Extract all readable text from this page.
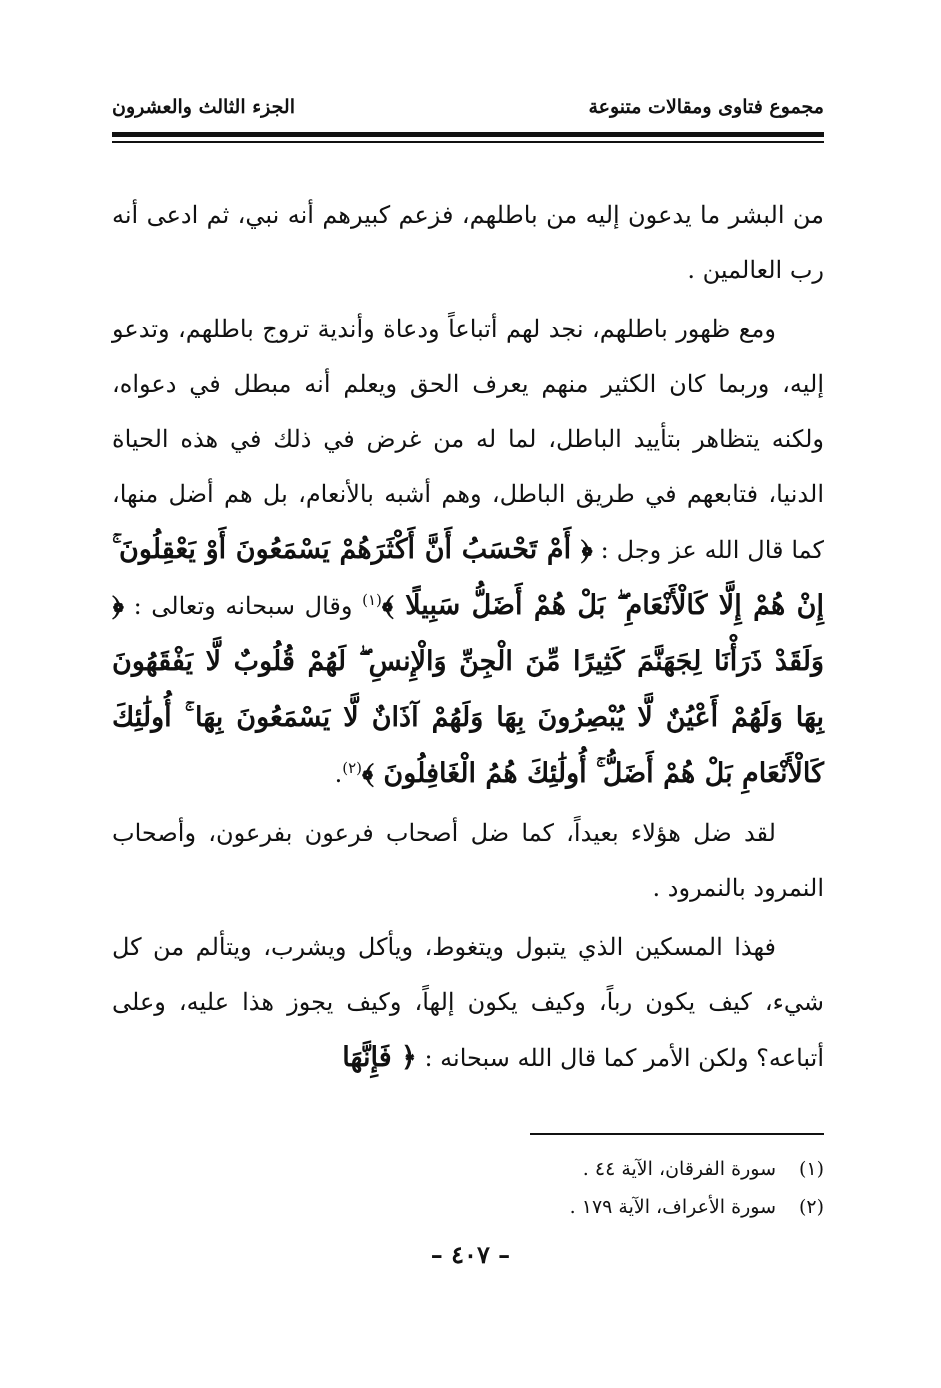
مجموع فتاوى ومقالات متنوعة
الجزء الثالث والعشرون

من البشر ما يدعون إليه من باطلهم، فزعم كبيرهم أنه نبي، ثم ادعى أنه رب العالمين .

ومع ظهور باطلهم، نجد لهم أتباعاً ودعاة وأندية تروج باطلهم، وتدعو إليه، وربما كان الكثير منهم يعرف الحق ويعلم أنه مبطل في دعواه، ولكنه يتظاهر بتأييد الباطل، لما له من غرض في ذلك في هذه الحياة الدنيا، فتابعهم في طريق الباطل، وهم أشبه بالأنعام، بل هم أضل منها، كما قال الله عز وجل : ﴿ أَمْ تَحْسَبُ أَنَّ أَكْثَرَهُمْ يَسْمَعُونَ أَوْ يَعْقِلُونَ ۚ إِنْ هُمْ إِلَّا كَالْأَنْعَامِ ۖ بَلْ هُمْ أَضَلُّ سَبِيلًا ﴾$^{(١)}$ وقال سبحانه وتعالى : ﴿ وَلَقَدْ ذَرَأْنَا لِجَهَنَّمَ كَثِيرًا مِّنَ الْجِنِّ وَالْإِنسِ ۖ لَهُمْ قُلُوبٌ لَّا يَفْقَهُونَ بِهَا وَلَهُمْ أَعْيُنٌ لَّا يُبْصِرُونَ بِهَا وَلَهُمْ آذَانٌ لَّا يَسْمَعُونَ بِهَا ۚ أُولَٰئِكَ كَالْأَنْعَامِ بَلْ هُمْ أَضَلُّ ۚ أُولَٰئِكَ هُمُ الْغَافِلُونَ ﴾$^{(٢)}$.

لقد ضل هؤلاء بعيداً، كما ضل أصحاب فرعون بفرعون، وأصحاب النمرود بالنمرود .

فهذا المسكين الذي يتبول ويتغوط، ويأكل ويشرب، ويتألم من كل شيء، كيف يكون رباً، وكيف يكون إلهاً، وكيف يجوز هذا عليه، وعلى أتباعه؟ ولكن الأمر كما قال الله سبحانه : ﴿ فَإِنَّهَا

(١)سورة الفرقان، الآية ٤٤ .
(٢)سورة الأعراف، الآية ١٧٩ .
– ٤٠٧ –
